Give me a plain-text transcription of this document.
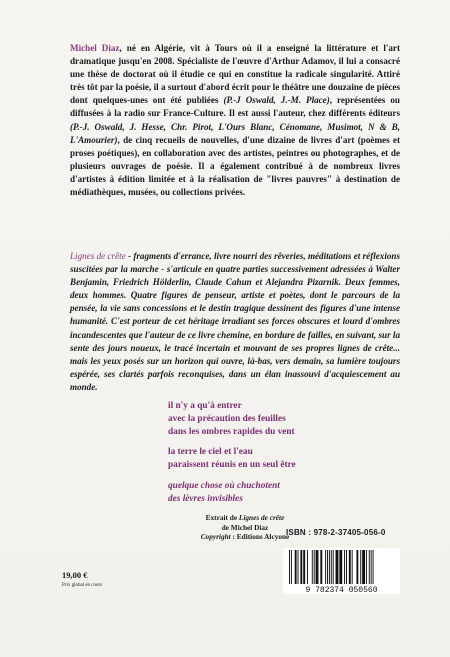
Michel Diaz, né en Algérie, vit à Tours où il a enseigné la littérature et l'art dramatique jusqu'en 2008. Spécialiste de l'œuvre d'Arthur Adamov, il lui a consacré une thèse de doctorat où il étudie ce qui en constitue la radicale singularité. Attiré très tôt par la poésie, il a surtout d'abord écrit pour le théâtre une douzaine de pièces dont quelques-unes ont été publiées (P.-J Oswald, J.-M. Place), représentées ou diffusées à la radio sur France-Culture. Il est aussi l'auteur, chez différents éditeurs (P.-J. Oswald, J. Hesse, Chr. Pirot, L'Ours Blanc, Cénomane, Musimot, N & B, L'Amourier), de cinq recueils de nouvelles, d'une dizaine de livres d'art (poèmes et proses poétiques), en collaboration avec des artistes, peintres ou photographes, et de plusieurs ouvrages de poésie. Il a également contribué à de nombreux livres d'artistes à édition limitée et à la réalisation de "livres pauvres" à destination de médiathèques, musées, ou collections privées.
Lignes de crête - fragments d'errance, livre nourri des rêveries, méditations et réflexions suscitées par la marche - s'articule en quatre parties successivement adressées à Walter Benjamin, Friedrich Hölderlin, Claude Cahun et Alejandra Pizarnik. Deux femmes, deux hommes. Quatre figures de penseur, artiste et poètes, dont le parcours de la pensée, la vie sans concessions et le destin tragique dessinent des figures d'une intense humanité. C'est porteur de cet héritage irradiant ses forces obscures et lourd d'ombres incandescentes que l'auteur de ce livre chemine, en bordure de failles, en suivant, sur la sente des jours noueux, le tracé incertain et mouvant de ses propres lignes de crête... mais les yeux posés sur un horizon qui ouvre, là-bas, vers demain, sa lumière toujours espérée, ses clartés parfois reconquises, dans un élan inassouvi d'acquiescement au monde.
il n'y a qu'à entrer
avec la précaution des feuilles
dans les ombres rapides du vent
la terre le ciel et l'eau
paraissent réunis en un seul être
quelque chose où chuchotent
des lèvres invisibles
Extrait de Lignes de crête
de Michel Diaz
Copyright : Editions Alcyone
ISBN : 978-2-37405-056-0
9 782374 050560
19,00 €
Prix global en cours
